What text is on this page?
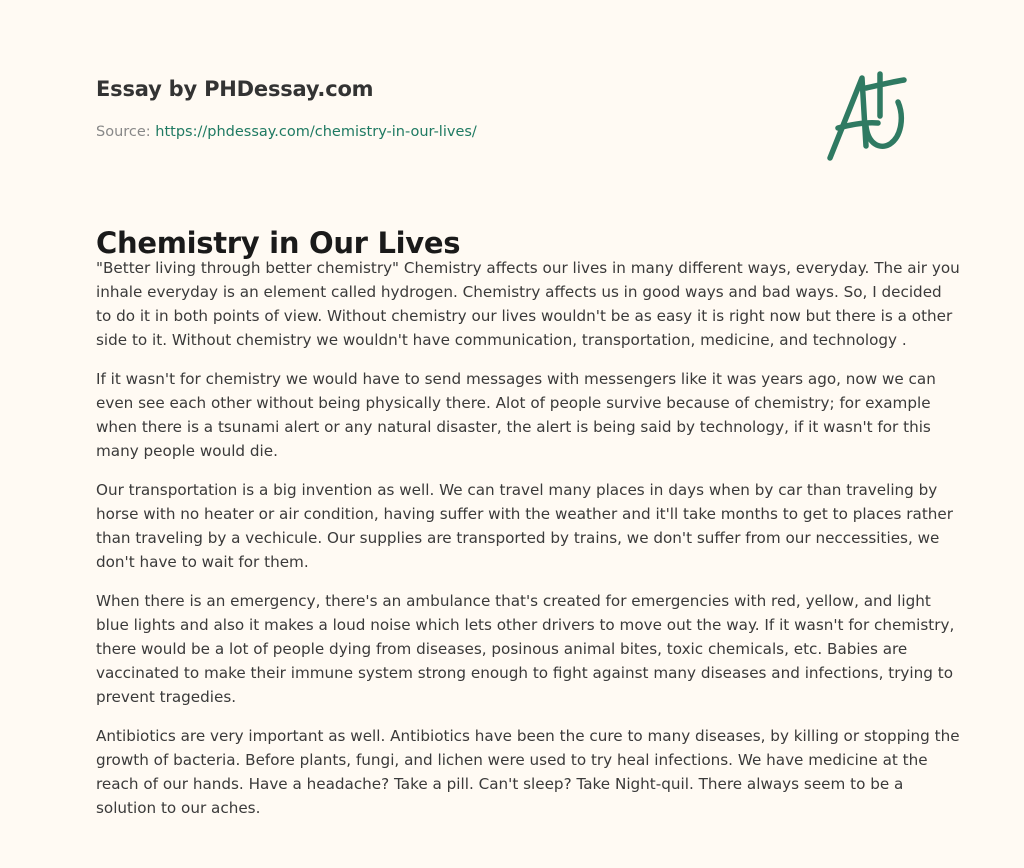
Essay by PHDessay.com
Source: https://phdessay.com/chemistry-in-our-lives/
Chemistry in Our Lives

"Better living through better chemistry" Chemistry affects our lives in many different ways, everyday. The air you
inhale everyday is an element called hydrogen. Chemistry affects us in good ways and bad ways. So, I decided
to do it in both points of view. Without chemistry our lives wouldn't be as easy it is right now but there is a other
side to it. Without chemistry we wouldn't have communication, transportation, medicine, and technology .

If it wasn't for chemistry we would have to send messages with messengers like it was years ago, now we can
even see each other without being physically there. Alot of people survive because of chemistry; for example
when there is a tsunami alert or any natural disaster, the alert is being said by technology, if it wasn't for this
many people would die.

Our transportation is a big invention as well. We can travel many places in days when by car than traveling by
horse with no heater or air condition, having suffer with the weather and it'll take months to get to places rather
than traveling by a vechicule. Our supplies are transported by trains, we don't suffer from our neccessities, we
don't have to wait for them.

When there is an emergency, there's an ambulance that's created for emergencies with red, yellow, and light
blue lights and also it makes a loud noise which lets other drivers to move out the way. If it wasn't for chemistry,
there would be a lot of people dying from diseases, posinous animal bites, toxic chemicals, etc. Babies are
vaccinated to make their immune system strong enough to fight against many diseases and infections, trying to
prevent tragedies.

Antibiotics are very important as well. Antibiotics have been the cure to many diseases, by killing or stopping the
growth of bacteria. Before plants, fungi, and lichen were used to try heal infections. We have medicine at the
reach of our hands. Have a headache? Take a pill. Can't sleep? Take Night-quil. There always seem to be a
solution to our aches.
